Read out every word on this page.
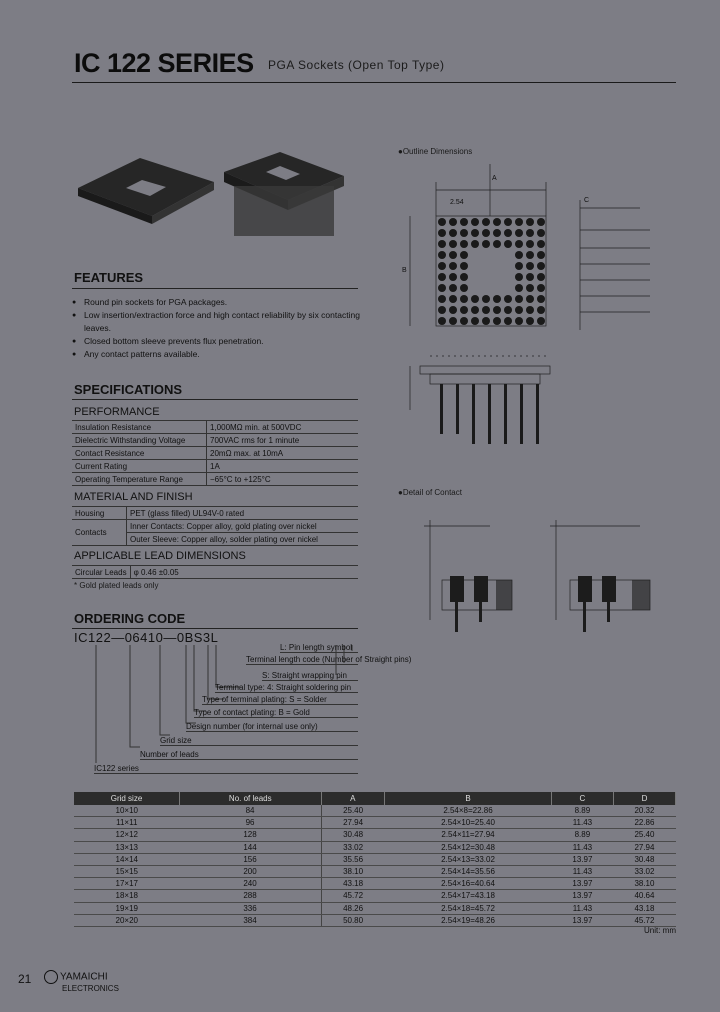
IC 122 SERIES PGA Sockets (Open Top Type)
FEATURES
● Round pin sockets for PGA packages.
● Low insertion/extraction force and high contact reliability by six contacting leaves.
● Closed bottom sleeve prevents flux penetration.
● Any contact patterns available.
SPECIFICATIONS
PERFORMANCE
Insulation Resistance	1,000MΩ min. at 500VDC
Dielectric Withstanding Voltage	700VAC rms for 1 minute
Contact Resistance	20mΩ max. at 10mA
Current Rating	1A
Operating Temperature Range	−65°C to +125°C
MATERIAL AND FINISH
Housing	PET (glass filled) UL94V-0 rated
Contacts	Inner Contacts: Copper alloy, gold plating over nickel
	Outer Sleeve: Copper alloy, solder plating over nickel
APPLICABLE LEAD DIMENSIONS
Circular Leads	φ 0.46 ±0.05
* Gold plated leads only
ORDERING CODE
IC122—06410—0BS3L
L: Pin length symbol
Terminal length code (Number of Straight pins)
S: Straight wrapping pin
Terminal type: 4: Straight soldering pin
Type of terminal plating: S = Solder
Type of contact plating: B = Gold
Design number (for internal use only)
Grid size
Number of leads
IC122 series
●Outline Dimensions
A
B
C
2.54
●Detail of Contact
Grid size	No. of leads	A	B	C	D
10×10	84	25.40	2.54×8=22.86	8.89	20.32
11×11	96	27.94	2.54×10=25.40	11.43	22.86
12×12	128	30.48	2.54×11=27.94	8.89	25.40
13×13	144	33.02	2.54×12=30.48	11.43	27.94
14×14	156	35.56	2.54×13=33.02	13.97	30.48
15×15	200	38.10	2.54×14=35.56	11.43	33.02
17×17	240	43.18	2.54×16=40.64	13.97	38.10
18×18	288	45.72	2.54×17=43.18	13.97	40.64
19×19	336	48.26	2.54×18=45.72	11.43	43.18
20×20	384	50.80	2.54×19=48.26	13.97	45.72
Unit: mm
21	YAMAICHI
ELECTRONICS
